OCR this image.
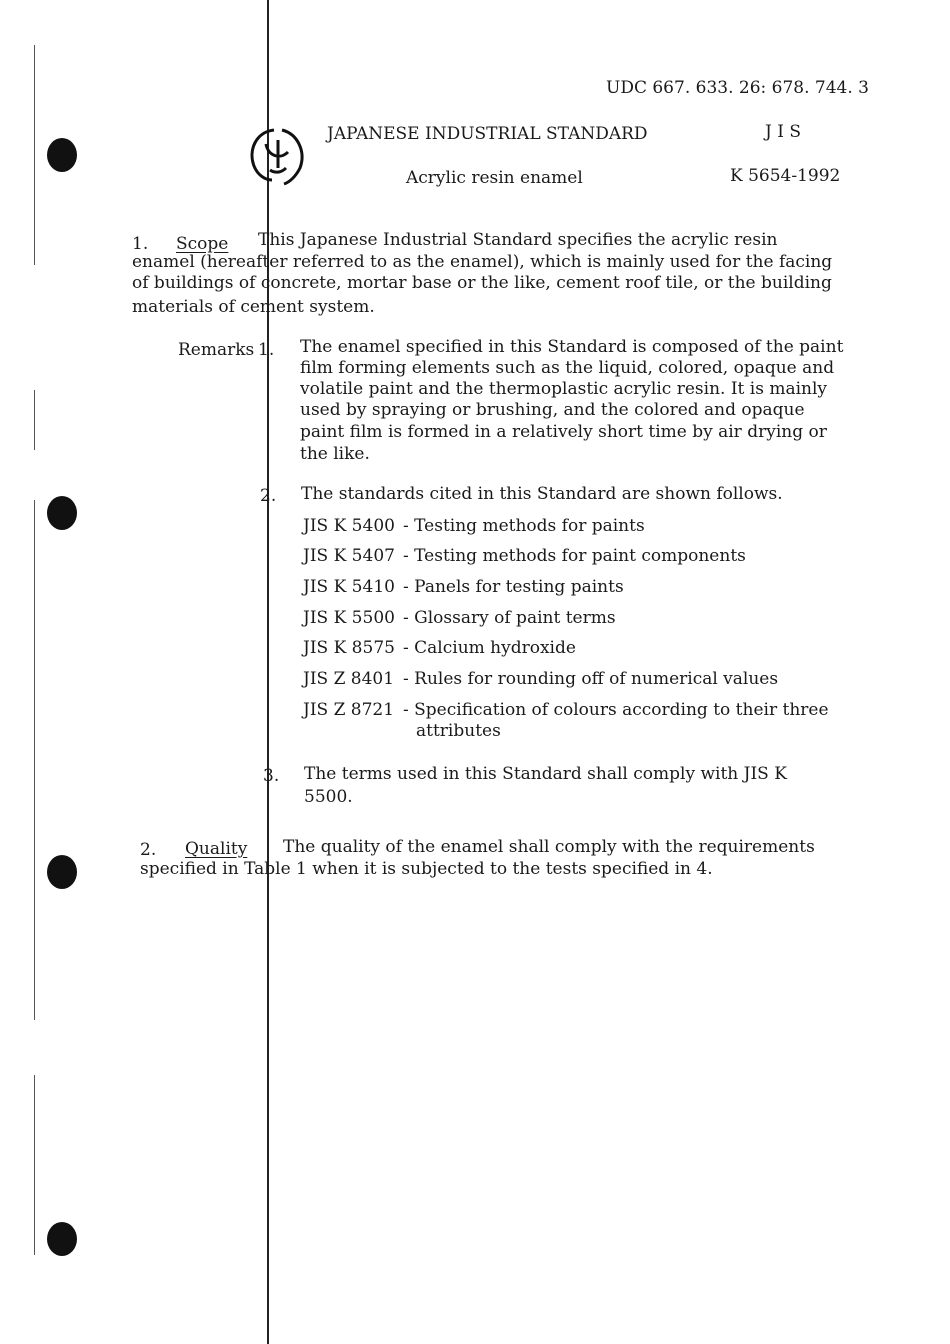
UDC 667. 633. 26: 678. 744. 3
JAPANESE INDUSTRIAL STANDARD	J I S
Acrylic resin enamel	K 5654-1992
1. Scope This Japanese Industrial Standard specifies the acrylic resin
enamel (hereafter referred to as the enamel), which is mainly used for the facing
of buildings of concrete, mortar base or the like, cement roof tile, or the building
materials of cement system.
Remarks 1. The enamel specified in this Standard is composed of the paint
film forming elements such as the liquid, colored, opaque and
volatile paint and the thermoplastic acrylic resin. It is mainly
used by spraying or brushing, and the colored and opaque
paint film is formed in a relatively short time by air drying or
the like.
2. The standards cited in this Standard are shown follows.
JIS K 5400 - Testing methods for paints
JIS K 5407 - Testing methods for paint components
JIS K 5410 - Panels for testing paints
JIS K 5500 - Glossary of paint terms
JIS K 8575 - Calcium hydroxide
JIS Z 8401 - Rules for rounding off of numerical values
JIS Z 8721 - Specification of colours according to their three
attributes
3. The terms used in this Standard shall comply with JIS K
5500.
2. Quality The quality of the enamel shall comply with the requirements
specified in Table 1 when it is subjected to the tests specified in 4.
